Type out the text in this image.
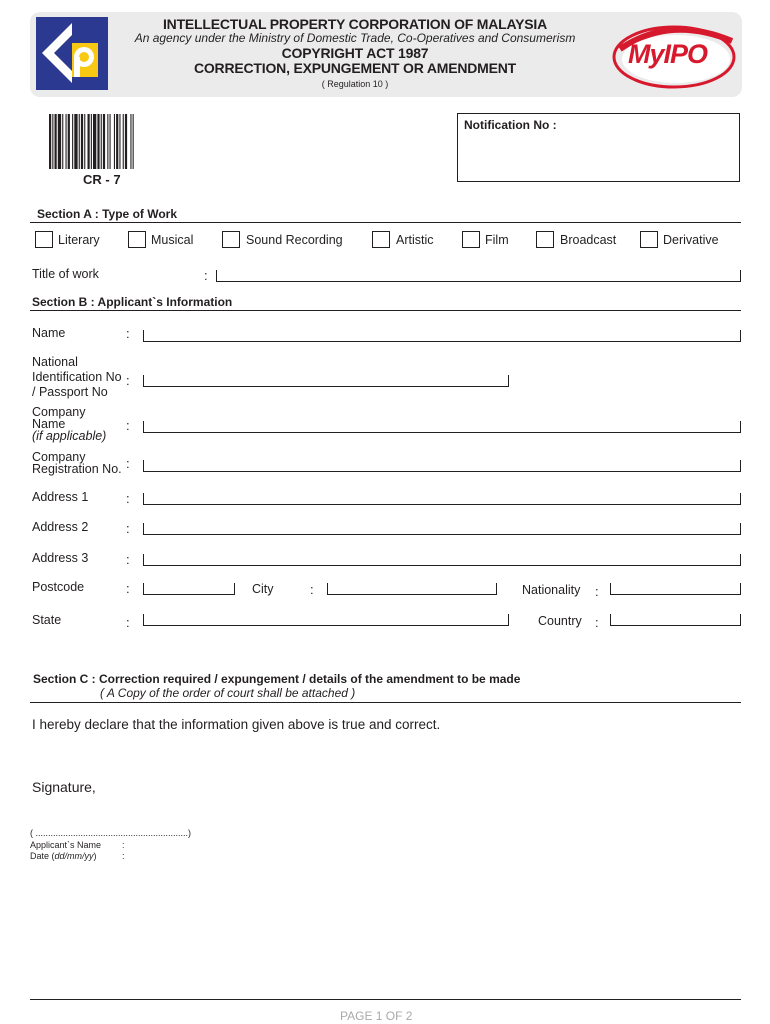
INTELLECTUAL PROPERTY CORPORATION OF MALAYSIA
An agency under the Ministry of Domestic Trade, Co-Operatives and Consumerism
COPYRIGHT ACT 1987
CORRECTION, EXPUNGEMENT OR AMENDMENT
( Regulation 10 )
MyIPO
CR - 7
Notification No :
Section A : Type of Work
Literary	Musical	Sound Recording	Artistic	Film	Broadcast	Derivative
Title of work	:
Section B : Applicant`s Information
Name	:
National
Identification No
/ Passport No
:
Company
Name
(if applicable)
:
Company
Registration No. :
Address 1	:
Address 2	:
Address 3	:
Postcode	:	City	:	Nationality :
State	:	Country :
Section C : Correction required / expungement / details of the amendment to be made
( A Copy of the order of court shall be attached )
I hereby declare that the information given above is true and correct.
Signature,
( .............................................................)
Applicant`s Name :
Date (dd/mm/yy)	:
PAGE 1 OF 2
